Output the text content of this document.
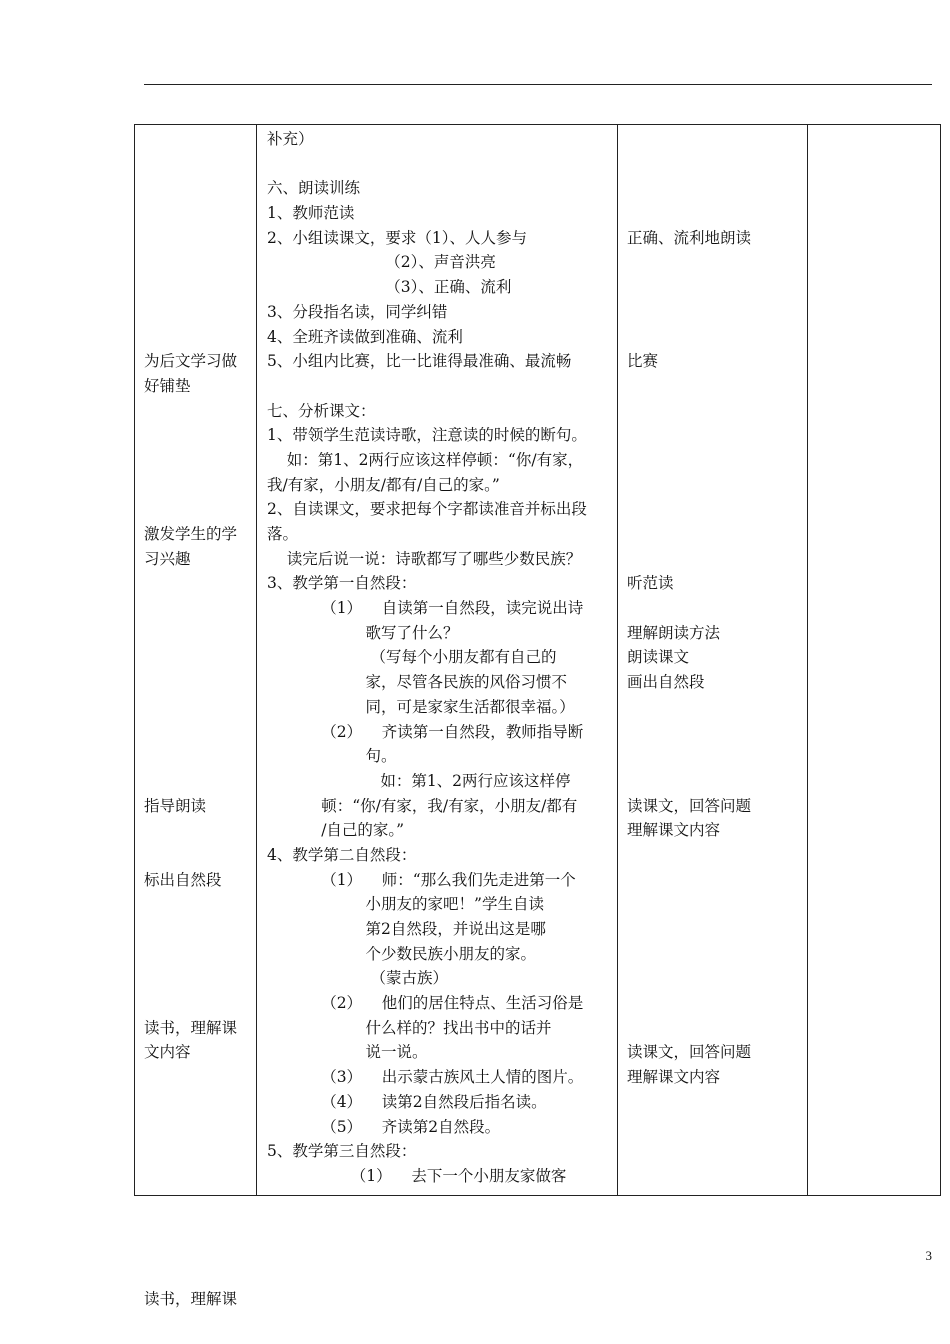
为后文学习做
好铺垫
激发学生的学
习兴趣
指导朗读
标出自然段
读书，理解课
文内容
读书，理解课
补充）
六、朗读训练
1、教师范读
2、小组读课文，要求（1）、人人参与
（2）、声音洪亮
（3）、正确、流利
3、分段指名读，同学纠错
4、全班齐读做到准确、流利
5、小组内比赛，比一比谁得最准确、最流畅
七、分析课文：
1、带领学生范读诗歌，注意读的时候的断句。
如：第1、2两行应该这样停顿：“你/有家，
我/有家，小朋友/都有/自己的家。”
2、自读课文，要求把每个字都读准音并标出段
落。
读完后说一说：诗歌都写了哪些少数民族？
3、教学第一自然段：
（1）    自读第一自然段，读完说出诗
歌写了什么？
（写每个小朋友都有自己的
家，尽管各民族的风俗习惯不
同，可是家家生活都很幸福。）
（2）    齐读第一自然段，教师指导断
句。
如：第1、2两行应该这样停
顿：“你/有家，我/有家，小朋友/都有
/自己的家。”
4、教学第二自然段：
（1）    师：“那么我们先走进第一个
小朋友的家吧！”学生自读
第2自然段，并说出这是哪
个少数民族小朋友的家。
（蒙古族）
（2）    他们的居住特点、生活习俗是
什么样的？找出书中的话并
说一说。
（3）    出示蒙古族风土人情的图片。
（4）    读第2自然段后指名读。
（5）    齐读第2自然段。
5、教学第三自然段：
（1）    去下一个小朋友家做客
正确、流利地朗读
比赛
听范读
理解朗读方法
朗读课文
画出自然段
读课文，回答问题
理解课文内容
读课文，回答问题
理解课文内容
3
